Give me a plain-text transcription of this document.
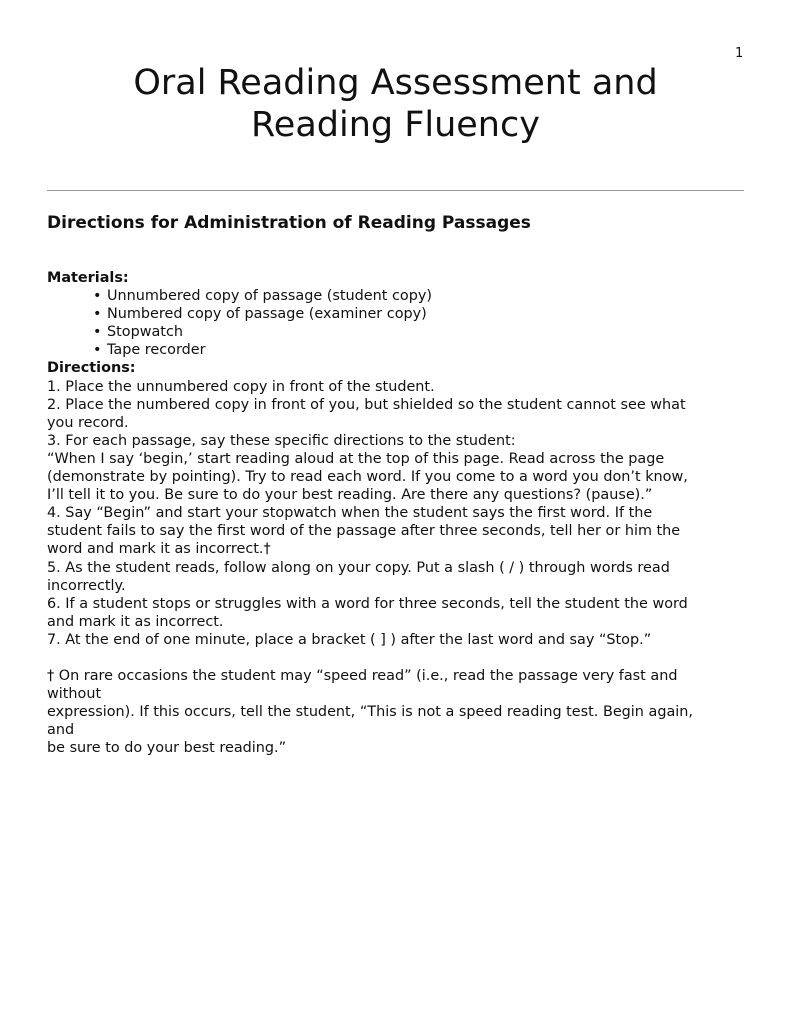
1
Oral Reading Assessment and
Reading Fluency
Directions for Administration of Reading Passages
Materials:
• Unnumbered copy of passage (student copy)
• Numbered copy of passage (examiner copy)
• Stopwatch
• Tape recorder
Directions:
1. Place the unnumbered copy in front of the student.
2. Place the numbered copy in front of you, but shielded so the student cannot see what
you record.
3. For each passage, say these specific directions to the student:
“When I say ‘begin,’ start reading aloud at the top of this page. Read across the page
(demonstrate by pointing). Try to read each word. If you come to a word you don’t know,
I’ll tell it to you. Be sure to do your best reading. Are there any questions? (pause).”
4. Say “Begin” and start your stopwatch when the student says the first word. If the
student fails to say the first word of the passage after three seconds, tell her or him the
word and mark it as incorrect.†
5. As the student reads, follow along on your copy. Put a slash ( / ) through words read
incorrectly.
6. If a student stops or struggles with a word for three seconds, tell the student the word
and mark it as incorrect.
7. At the end of one minute, place a bracket ( ] ) after the last word and say “Stop.”
† On rare occasions the student may “speed read” (i.e., read the passage very fast and
without
expression). If this occurs, tell the student, “This is not a speed reading test. Begin again,
and
be sure to do your best reading.”
